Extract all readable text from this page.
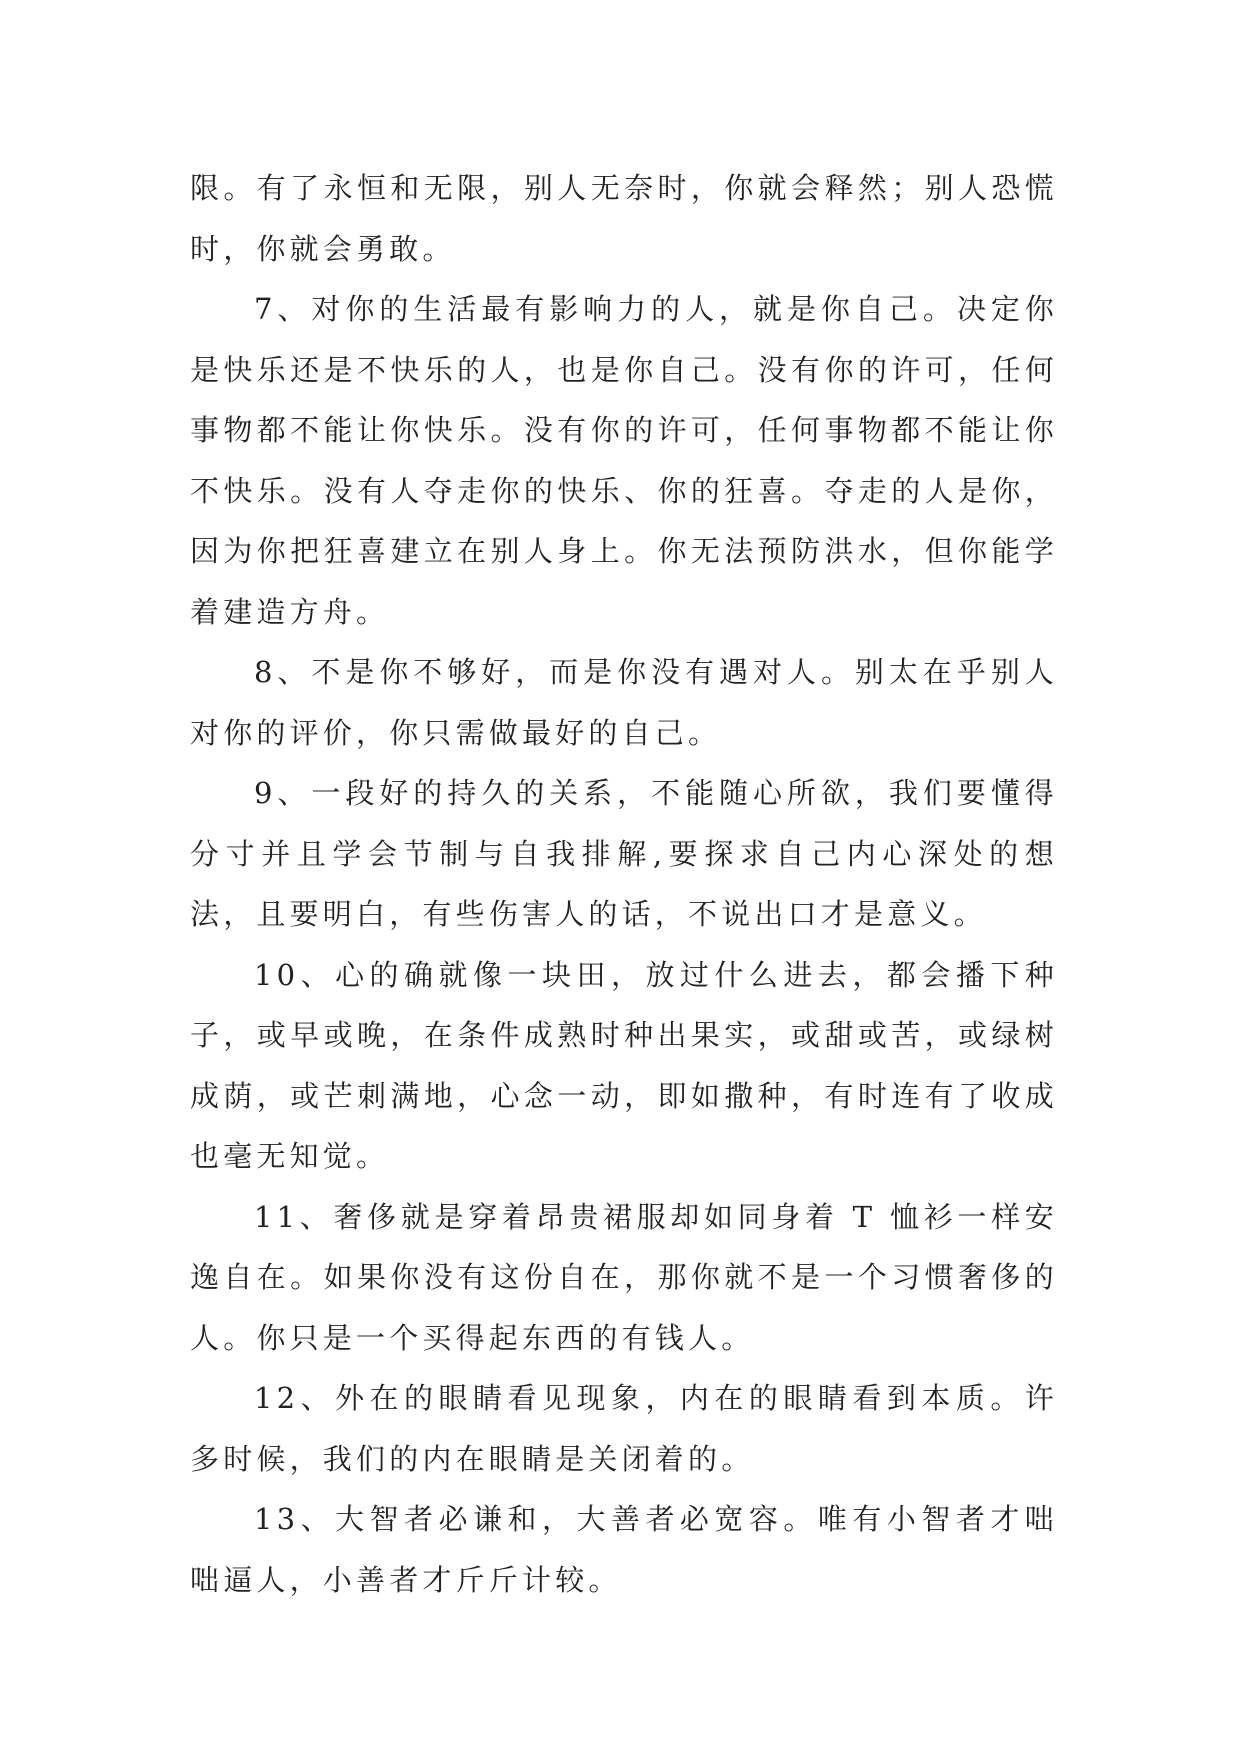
限。有了永恒和无限，别人无奈时，你就会释然；别人恐慌时，你就会勇敢。

7、对你的生活最有影响力的人，就是你自己。决定你是快乐还是不快乐的人，也是你自己。没有你的许可，任何事物都不能让你快乐。没有你的许可，任何事物都不能让你不快乐。没有人夺走你的快乐、你的狂喜。夺走的人是你，因为你把狂喜建立在别人身上。你无法预防洪水，但你能学着建造方舟。

8、不是你不够好，而是你没有遇对人。别太在乎别人对你的评价，你只需做最好的自己。

9、一段好的持久的关系，不能随心所欲，我们要懂得分寸并且学会节制与自我排解,要探求自己内心深处的想法，且要明白，有些伤害人的话，不说出口才是意义。

10、心的确就像一块田，放过什么进去，都会播下种子，或早或晚，在条件成熟时种出果实，或甜或苦，或绿树成荫，或芒刺满地，心念一动，即如撒种，有时连有了收成也毫无知觉。

11、奢侈就是穿着昂贵裙服却如同身着 T 恤衫一样安逸自在。如果你没有这份自在，那你就不是一个习惯奢侈的人。你只是一个买得起东西的有钱人。

12、外在的眼睛看见现象，内在的眼睛看到本质。许多时候，我们的内在眼睛是关闭着的。

13、大智者必谦和，大善者必宽容。唯有小智者才咄咄逼人，小善者才斤斤计较。
